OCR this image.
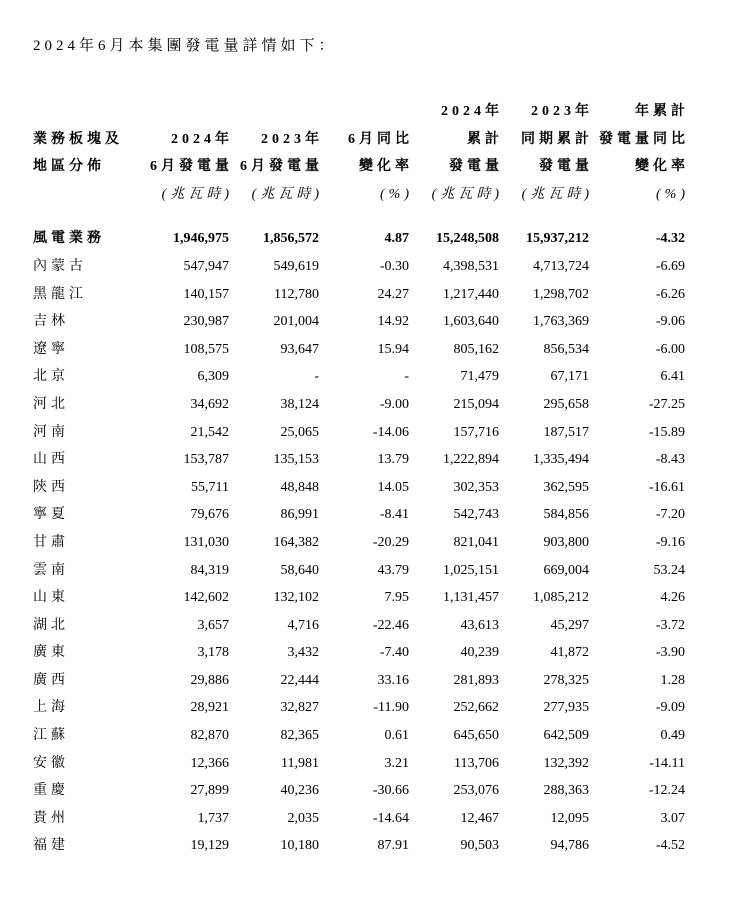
2024年6月本集團發電量詳情如下：

				2024年	2023年	年累計
業務板塊及	2024年	2023年	6月同比	累計	同期累計	發電量同比
地區分佈	6月發電量	6月發電量	變化率	發電量	發電量	變化率
	(兆瓦時)	(兆瓦時)	(%)	(兆瓦時)	(兆瓦時)	(%)
風電業務	1,946,975	1,856,572	4.87	15,248,508	15,937,212	-4.32
內蒙古	547,947	549,619	-0.30	4,398,531	4,713,724	-6.69
黑龍江	140,157	112,780	24.27	1,217,440	1,298,702	-6.26
吉林	230,987	201,004	14.92	1,603,640	1,763,369	-9.06
遼寧	108,575	93,647	15.94	805,162	856,534	-6.00
北京	6,309	-	-	71,479	67,171	6.41
河北	34,692	38,124	-9.00	215,094	295,658	-27.25
河南	21,542	25,065	-14.06	157,716	187,517	-15.89
山西	153,787	135,153	13.79	1,222,894	1,335,494	-8.43
陝西	55,711	48,848	14.05	302,353	362,595	-16.61
寧夏	79,676	86,991	-8.41	542,743	584,856	-7.20
甘肅	131,030	164,382	-20.29	821,041	903,800	-9.16
雲南	84,319	58,640	43.79	1,025,151	669,004	53.24
山東	142,602	132,102	7.95	1,131,457	1,085,212	4.26
湖北	3,657	4,716	-22.46	43,613	45,297	-3.72
廣東	3,178	3,432	-7.40	40,239	41,872	-3.90
廣西	29,886	22,444	33.16	281,893	278,325	1.28
上海	28,921	32,827	-11.90	252,662	277,935	-9.09
江蘇	82,870	82,365	0.61	645,650	642,509	0.49
安徽	12,366	11,981	3.21	113,706	132,392	-14.11
重慶	27,899	40,236	-30.66	253,076	288,363	-12.24
貴州	1,737	2,035	-14.64	12,467	12,095	3.07
福建	19,129	10,180	87.91	90,503	94,786	-4.52
